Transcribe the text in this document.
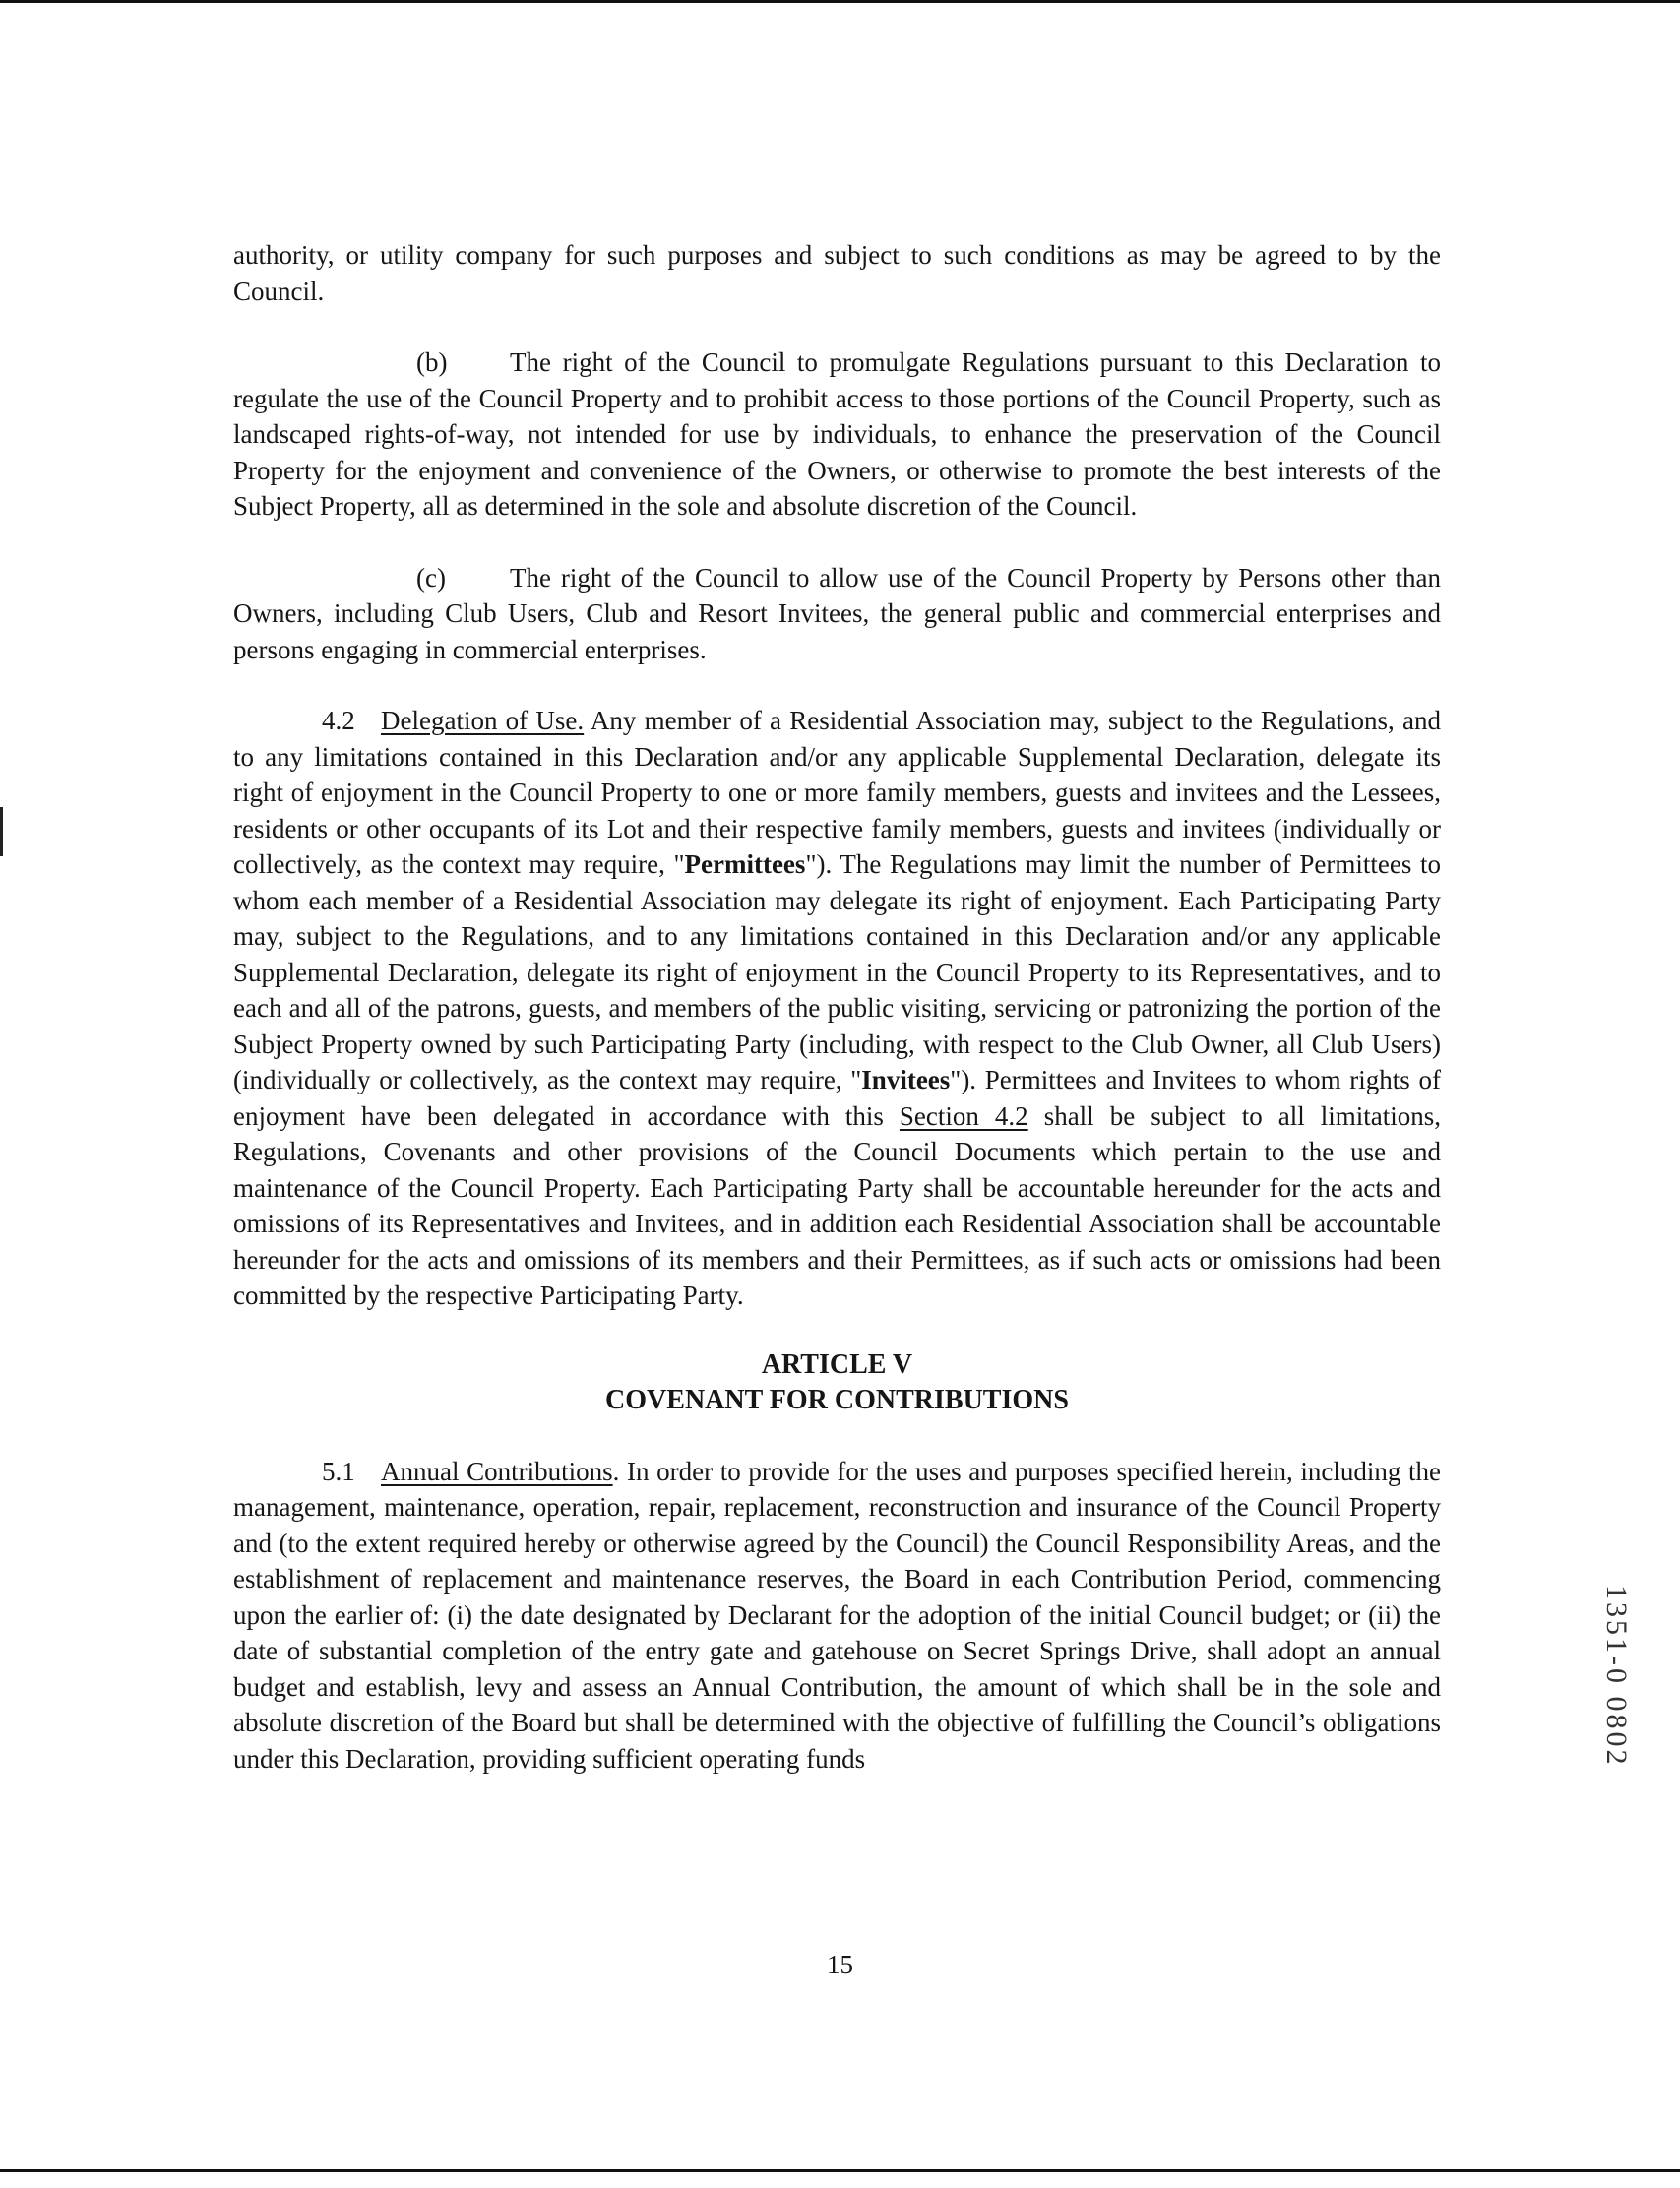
authority, or utility company for such purposes and subject to such conditions as may be agreed to by the Council.

(b) The right of the Council to promulgate Regulations pursuant to this Declaration to regulate the use of the Council Property and to prohibit access to those portions of the Council Property, such as landscaped rights-of-way, not intended for use by individuals, to enhance the preservation of the Council Property for the enjoyment and convenience of the Owners, or otherwise to promote the best interests of the Subject Property, all as determined in the sole and absolute discretion of the Council.

(c) The right of the Council to allow use of the Council Property by Persons other than Owners, including Club Users, Club and Resort Invitees, the general public and commercial enterprises and persons engaging in commercial enterprises.

4.2 Delegation of Use. Any member of a Residential Association may, subject to the Regulations, and to any limitations contained in this Declaration and/or any applicable Supplemental Declaration, delegate its right of enjoyment in the Council Property to one or more family members, guests and invitees and the Lessees, residents or other occupants of its Lot and their respective family members, guests and invitees (individually or collectively, as the context may require, "Permittees"). The Regulations may limit the number of Permittees to whom each member of a Residential Association may delegate its right of enjoyment. Each Participating Party may, subject to the Regulations, and to any limitations contained in this Declaration and/or any applicable Supplemental Declaration, delegate its right of enjoyment in the Council Property to its Representatives, and to each and all of the patrons, guests, and members of the public visiting, servicing or patronizing the portion of the Subject Property owned by such Participating Party (including, with respect to the Club Owner, all Club Users) (individually or collectively, as the context may require, "Invitees"). Permittees and Invitees to whom rights of enjoyment have been delegated in accordance with this Section 4.2 shall be subject to all limitations, Regulations, Covenants and other provisions of the Council Documents which pertain to the use and maintenance of the Council Property. Each Participating Party shall be accountable hereunder for the acts and omissions of its Representatives and Invitees, and in addition each Residential Association shall be accountable hereunder for the acts and omissions of its members and their Permittees, as if such acts or omissions had been committed by the respective Participating Party.

ARTICLE V
COVENANT FOR CONTRIBUTIONS

5.1 Annual Contributions. In order to provide for the uses and purposes specified herein, including the management, maintenance, operation, repair, replacement, reconstruction and insurance of the Council Property and (to the extent required hereby or otherwise agreed by the Council) the Council Responsibility Areas, and the establishment of replacement and maintenance reserves, the Board in each Contribution Period, commencing upon the earlier of: (i) the date designated by Declarant for the adoption of the initial Council budget; or (ii) the date of substantial completion of the entry gate and gatehouse on Secret Springs Drive, shall adopt an annual budget and establish, levy and assess an Annual Contribution, the amount of which shall be in the sole and absolute discretion of the Board but shall be determined with the objective of fulfilling the Council’s obligations under this Declaration, providing sufficient operating funds	1351-0 0802
15
